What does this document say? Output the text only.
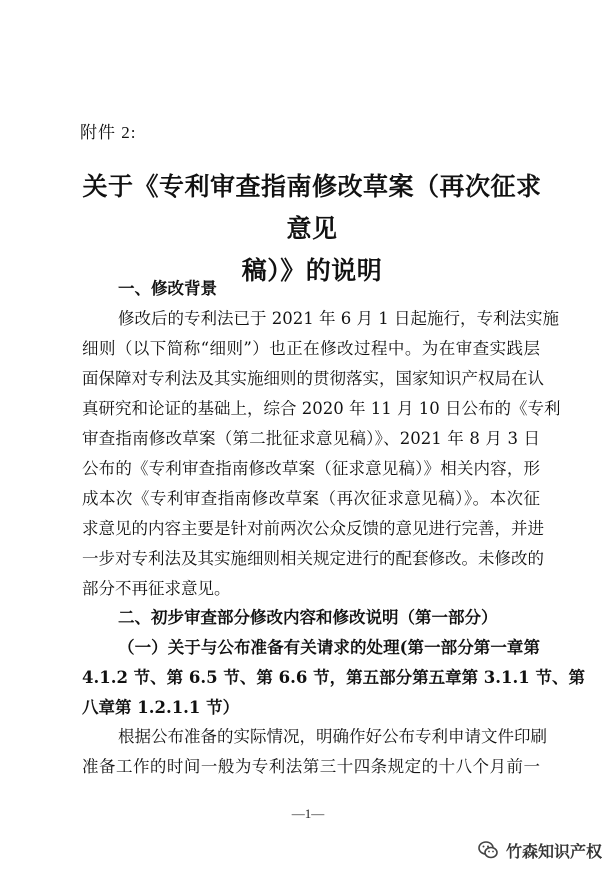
附件 2:
关于《专利审查指南修改草案（再次征求意见
稿）》的说明
一、修改背景
修改后的专利法已于 2021 年 6 月 1 日起施行，专利法实施
细则（以下简称“细则”）也正在修改过程中。为在审查实践层
面保障对专利法及其实施细则的贯彻落实，国家知识产权局在认
真研究和论证的基础上，综合 2020 年 11 月 10 日公布的《专利
审查指南修改草案（第二批征求意见稿）》、2021 年 8 月 3 日
公布的《专利审查指南修改草案（征求意见稿）》相关内容，形
成本次《专利审查指南修改草案（再次征求意见稿）》。本次征
求意见的内容主要是针对前两次公众反馈的意见进行完善，并进
一步对专利法及其实施细则相关规定进行的配套修改。未修改的
部分不再征求意见。
二、初步审查部分修改内容和修改说明（第一部分）
（一）关于与公布准备有关请求的处理(第一部分第一章第
4.1.2 节、第 6.5 节、第 6.6 节，第五部分第五章第 3.1.1 节、第
八章第 1.2.1.1 节）
根据公布准备的实际情况，明确作好公布专利申请文件印刷
准备工作的时间一般为专利法第三十四条规定的十八个月前一
—1—
竹森知识产权
